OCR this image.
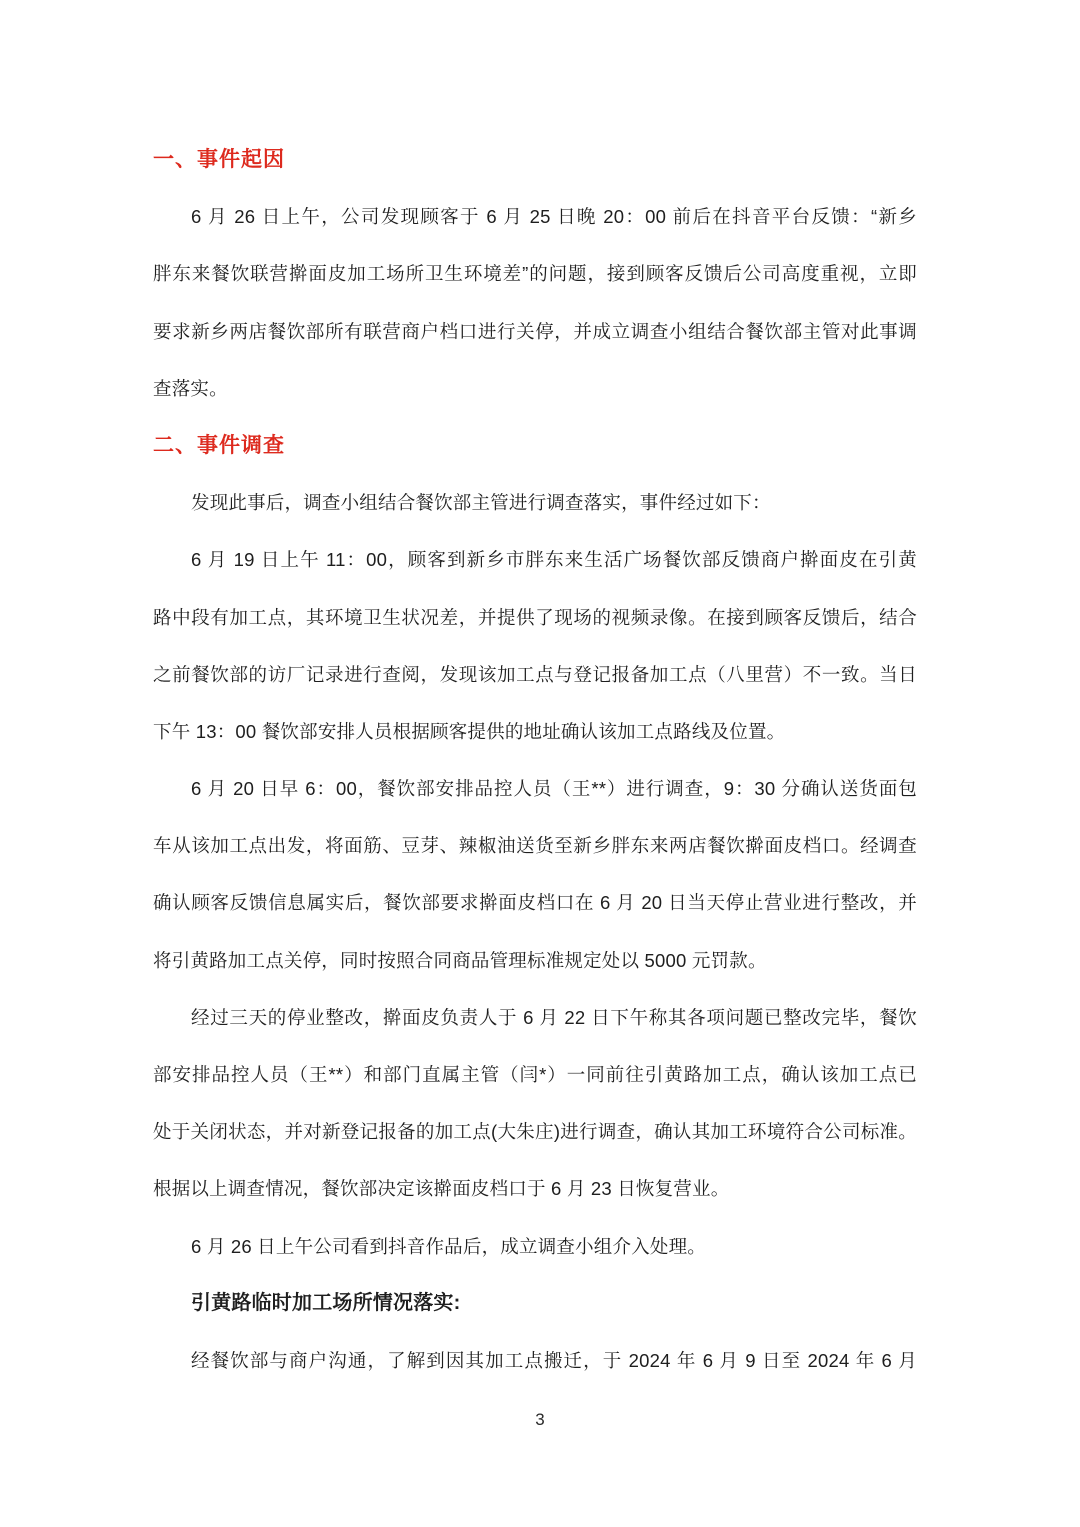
一、事件起因
6 月 26 日上午，公司发现顾客于 6 月 25 日晚 20：00 前后在抖音平台反馈：“新乡
胖东来餐饮联营擀面皮加工场所卫生环境差”的问题，接到顾客反馈后公司高度重视，立即
要求新乡两店餐饮部所有联营商户档口进行关停，并成立调查小组结合餐饮部主管对此事调
查落实。
二、事件调查
发现此事后，调查小组结合餐饮部主管进行调查落实，事件经过如下：
6 月 19 日上午 11：00，顾客到新乡市胖东来生活广场餐饮部反馈商户擀面皮在引黄
路中段有加工点，其环境卫生状况差，并提供了现场的视频录像。在接到顾客反馈后，结合
之前餐饮部的访厂记录进行查阅，发现该加工点与登记报备加工点（八里营）不一致。当日
下午 13：00 餐饮部安排人员根据顾客提供的地址确认该加工点路线及位置。
6 月 20 日早 6：00，餐饮部安排品控人员（王**）进行调查，9：30 分确认送货面包
车从该加工点出发，将面筋、豆芽、辣椒油送货至新乡胖东来两店餐饮擀面皮档口。经调查
确认顾客反馈信息属实后，餐饮部要求擀面皮档口在 6 月 20 日当天停止营业进行整改，并
将引黄路加工点关停，同时按照合同商品管理标准规定处以 5000 元罚款。
经过三天的停业整改，擀面皮负责人于 6 月 22 日下午称其各项问题已整改完毕，餐饮
部安排品控人员（王**）和部门直属主管（闫*）一同前往引黄路加工点，确认该加工点已
处于关闭状态，并对新登记报备的加工点(大朱庄)进行调查，确认其加工环境符合公司标准。
根据以上调查情况，餐饮部决定该擀面皮档口于 6 月 23 日恢复营业。
6 月 26 日上午公司看到抖音作品后，成立调查小组介入处理。
引黄路临时加工场所情况落实:
经餐饮部与商户沟通，了解到因其加工点搬迁，于 2024 年 6 月 9 日至 2024 年 6 月
3
